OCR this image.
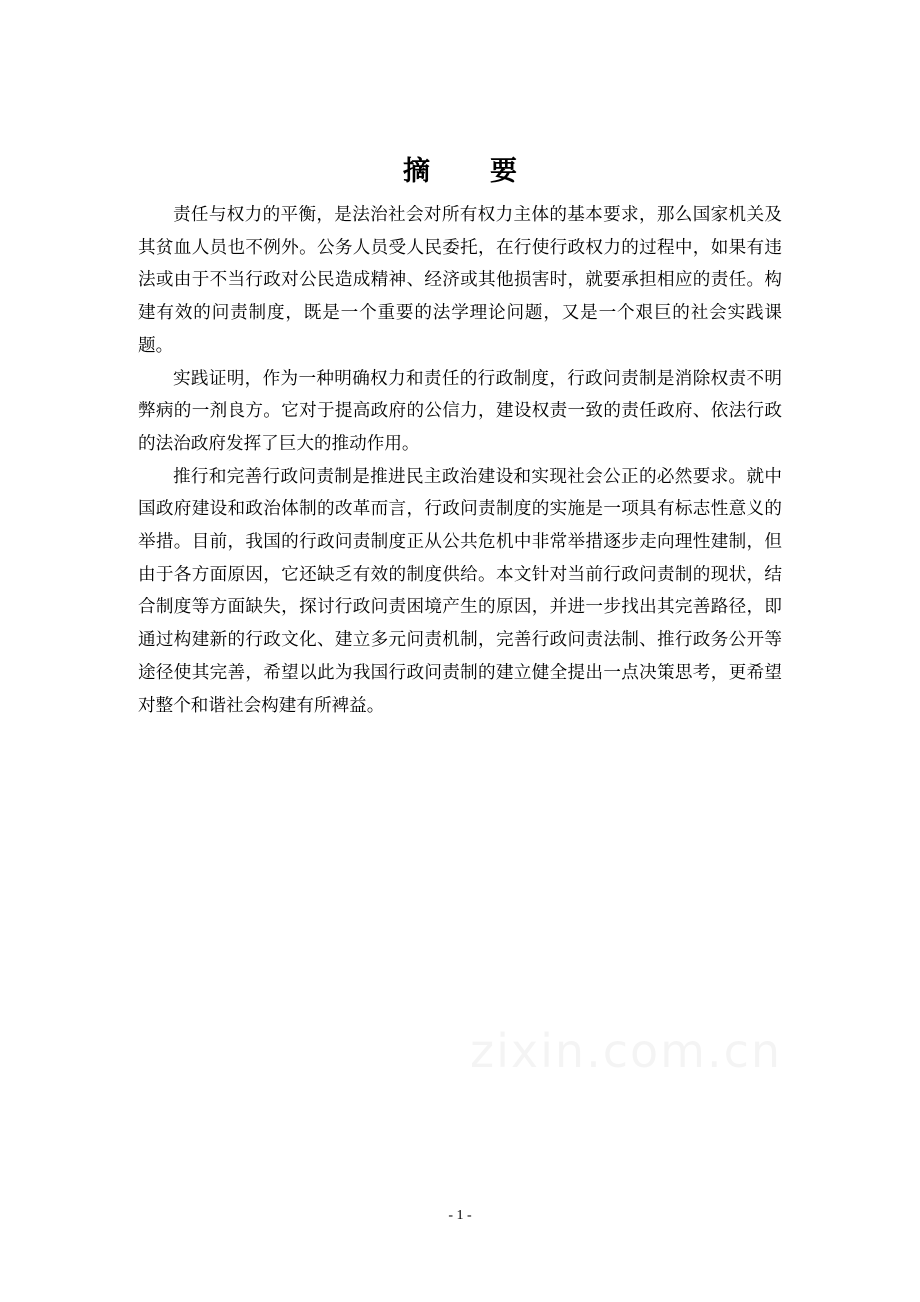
摘要

责任与权力的平衡，是法治社会对所有权力主体的基本要求，那么国家机关及其贫血人员也不例外。公务人员受人民委托，在行使行政权力的过程中，如果有违法或由于不当行政对公民造成精神、经济或其他损害时，就要承担相应的责任。构建有效的问责制度，既是一个重要的法学理论问题，又是一个艰巨的社会实践课题。

实践证明，作为一种明确权力和责任的行政制度，行政问责制是消除权责不明弊病的一剂良方。它对于提高政府的公信力，建设权责一致的责任政府、依法行政的法治政府发挥了巨大的推动作用。

推行和完善行政问责制是推进民主政治建设和实现社会公正的必然要求。就中国政府建设和政治体制的改革而言，行政问责制度的实施是一项具有标志性意义的举措。目前，我国的行政问责制度正从公共危机中非常举措逐步走向理性建制，但由于各方面原因，它还缺乏有效的制度供给。本文针对当前行政问责制的现状，结合制度等方面缺失，探讨行政问责困境产生的原因，并进一步找出其完善路径，即通过构建新的行政文化、建立多元问责机制，完善行政问责法制、推行政务公开等途径使其完善，希望以此为我国行政问责制的建立健全提出一点决策思考，更希望对整个和谐社会构建有所裨益。

- 1 -
